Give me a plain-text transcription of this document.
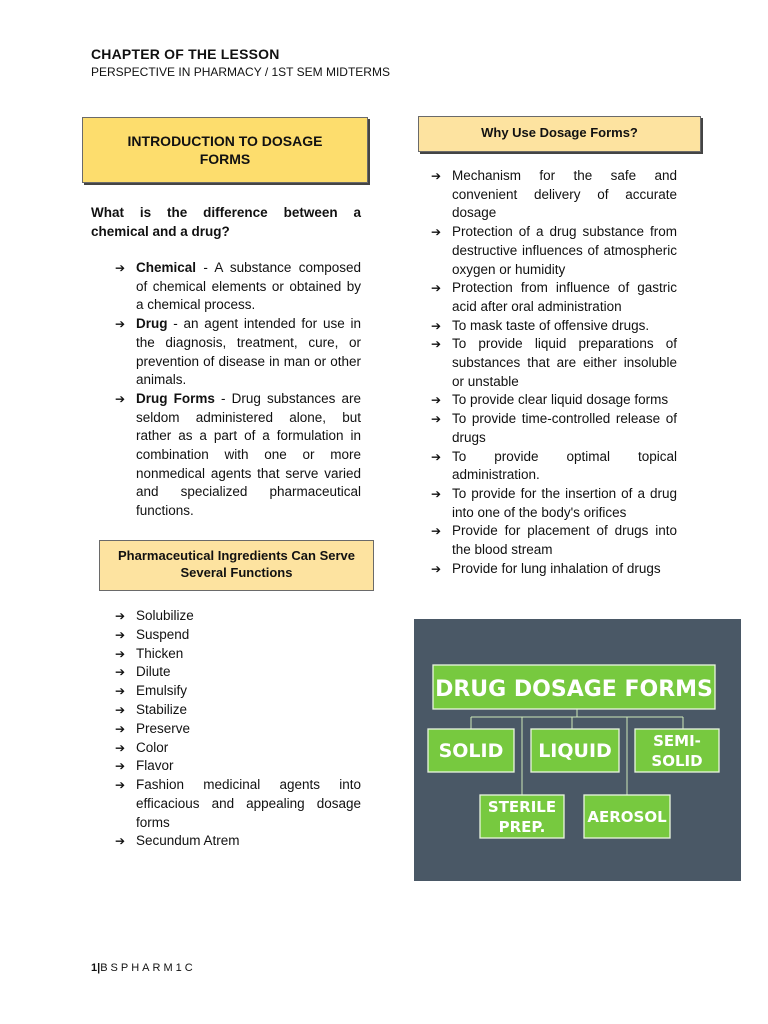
CHAPTER OF THE LESSON
PERSPECTIVE IN PHARMACY / 1ST SEM MIDTERMS
INTRODUCTION TO DOSAGE FORMS
What is the difference between a chemical and a drug?
➔ Chemical - A substance composed of chemical elements or obtained by a chemical process.
➔ Drug - an agent intended for use in the diagnosis, treatment, cure, or prevention of disease in man or other animals.
➔ Drug Forms - Drug substances are seldom administered alone, but rather as a part of a formulation in combination with one or more nonmedical agents that serve varied and specialized pharmaceutical functions.
Pharmaceutical Ingredients Can Serve Several Functions
➔ Solubilize
➔ Suspend
➔ Thicken
➔ Dilute
➔ Emulsify
➔ Stabilize
➔ Preserve
➔ Color
➔ Flavor
➔ Fashion medicinal agents into efficacious and appealing dosage forms
➔ Secundum Atrem
Why Use Dosage Forms?
➔ Mechanism for the safe and convenient delivery of accurate dosage
➔ Protection of a drug substance from destructive influences of atmospheric oxygen or humidity
➔ Protection from influence of gastric acid after oral administration
➔ To mask taste of offensive drugs.
➔ To provide liquid preparations of substances that are either insoluble or unstable
➔ To provide clear liquid dosage forms
➔ To provide time-controlled release of drugs
➔ To provide optimal topical administration.
➔ To provide for the insertion of a drug into one of the body's orifices
➔ Provide for placement of drugs into the blood stream
➔ Provide for lung inhalation of drugs
DRUG DOSAGE FORMS
SOLID LIQUID	SEMI-
SOLID
STERILE
PREP.
AEROSOL
1|BSPHARM1C
